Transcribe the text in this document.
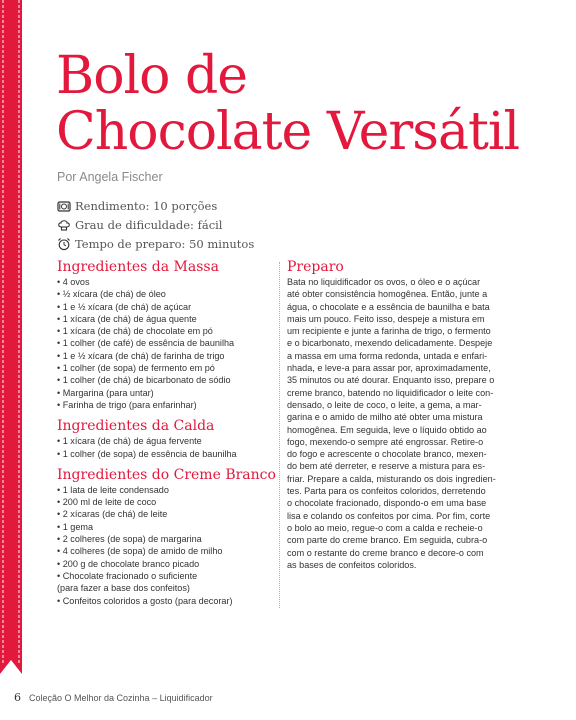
Bolo de
Chocolate Versátil
Por Angela Fischer
Rendimento: 10 porções
Grau de dificuldade: fácil
Tempo de preparo: 50 minutos
Ingredientes da Massa
• 4 ovos
• ½ xícara (de chá) de óleo
• 1 e ½ xícara (de chá) de açúcar
• 1 xícara (de chá) de água quente
• 1 xícara (de chá) de chocolate em pó
• 1 colher (de café) de essência de baunilha
• 1 e ½ xícara (de chá) de farinha de trigo
• 1 colher (de sopa) de fermento em pó
• 1 colher (de chá) de bicarbonato de sódio
• Margarina (para untar)
• Farinha de trigo (para enfarinhar)
Ingredientes da Calda
• 1 xícara (de chá) de água fervente
• 1 colher (de sopa) de essência de baunilha
Ingredientes do Creme Branco
• 1 lata de leite condensado
• 200 ml de leite de coco
• 2 xícaras (de chá) de leite
• 1 gema
• 2 colheres (de sopa) de margarina
• 4 colheres (de sopa) de amido de milho
• 200 g de chocolate branco picado
• Chocolate fracionado o suficiente
(para fazer a base dos confeitos)
• Confeitos coloridos a gosto (para decorar)
Preparo
Bata no liquidificador os ovos, o óleo e o açúcar
até obter consistência homogênea. Então, junte a
água, o chocolate e a essência de baunilha e bata
mais um pouco. Feito isso, despeje a mistura em
um recipiente e junte a farinha de trigo, o fermento
e o bicarbonato, mexendo delicadamente. Despeje
a massa em uma forma redonda, untada e enfari-
nhada, e leve-a para assar por, aproximadamente,
35 minutos ou até dourar. Enquanto isso, prepare o
creme branco, batendo no liquidificador o leite con-
densado, o leite de coco, o leite, a gema, a mar-
garina e o amido de milho até obter uma mistura
homogênea. Em seguida, leve o líquido obtido ao
fogo, mexendo-o sempre até engrossar. Retire-o
do fogo e acrescente o chocolate branco, mexen-
do bem até derreter, e reserve a mistura para es-
friar. Prepare a calda, misturando os dois ingredien-
tes. Parta para os confeitos coloridos, derretendo
o chocolate fracionado, dispondo-o em uma base
lisa e colando os confeitos por cima. Por fim, corte
o bolo ao meio, regue-o com a calda e recheie-o
com parte do creme branco. Em seguida, cubra-o
com o restante do creme branco e decore-o com
as bases de confeitos coloridos.
6 Coleção O Melhor da Cozinha – Liquidificador
